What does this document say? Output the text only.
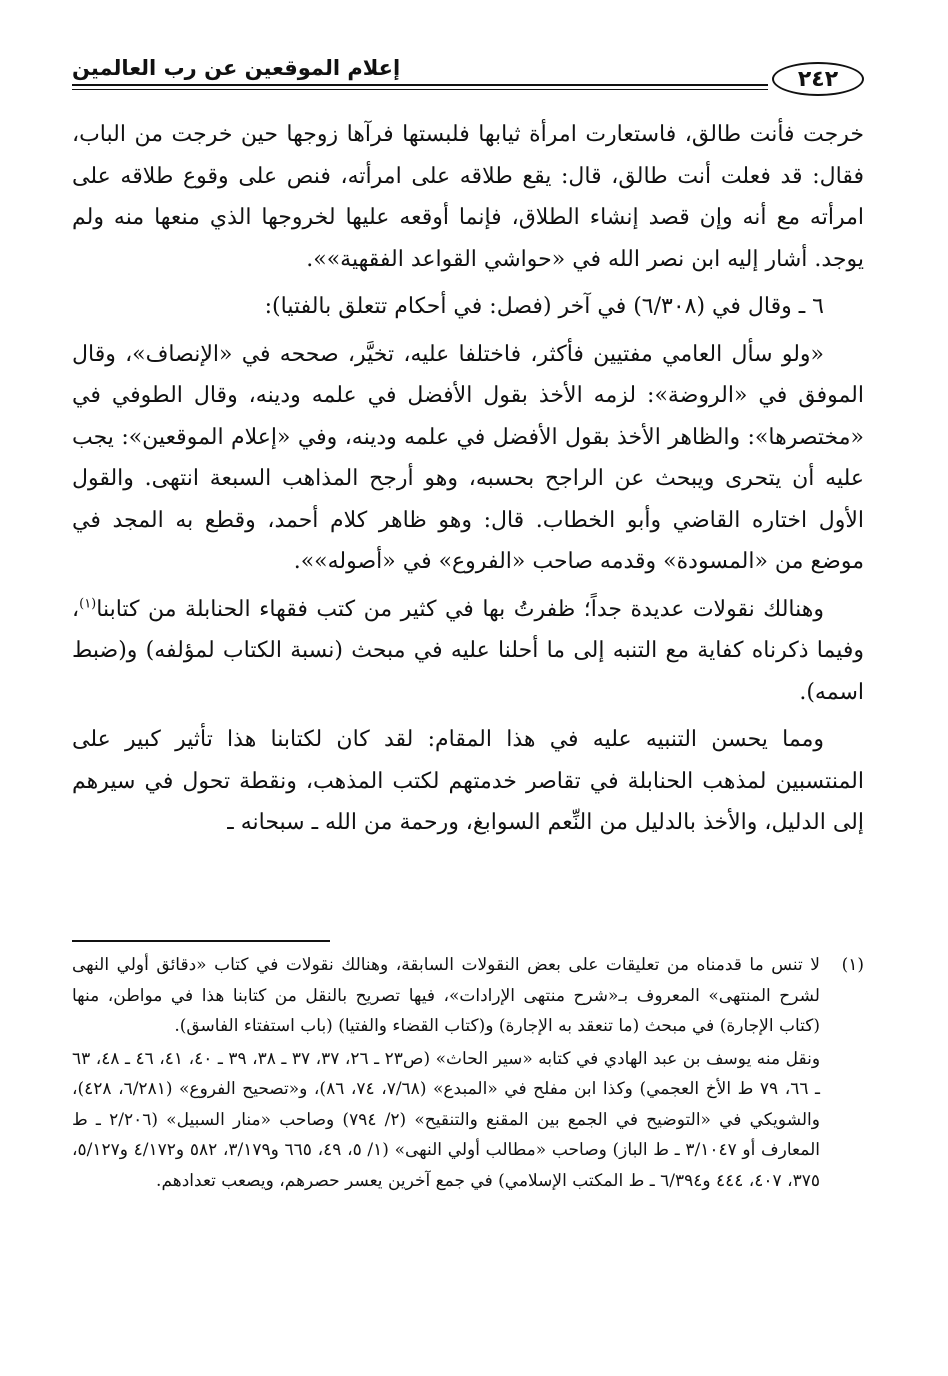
٢٤٢
إعلام الموقعين عن رب العالمين

خرجت فأنت طالق، فاستعارت امرأة ثيابها فلبستها فرآها زوجها حين خرجت من الباب، فقال: قد فعلت أنت طالق، قال: يقع طلاقه على امرأته، فنص على وقوع طلاقه على امرأته مع أنه وإن قصد إنشاء الطلاق، فإنما أوقعه عليها لخروجها الذي منعها منه ولم يوجد. أشار إليه ابن نصر الله في «حواشي القواعد الفقهية»».

٦ ـ وقال في (٦/٣٠٨) في آخر (فصل: في أحكام تتعلق بالفتيا):

«ولو سأل العامي مفتيين فأكثر، فاختلفا عليه، تخيَّر، صححه في «الإنصاف»، وقال الموفق في «الروضة»: لزمه الأخذ بقول الأفضل في علمه ودينه، وقال الطوفي في «مختصرها»: والظاهر الأخذ بقول الأفضل في علمه ودينه، وفي «إعلام الموقعين»: يجب عليه أن يتحرى ويبحث عن الراجح بحسبه، وهو أرجح المذاهب السبعة انتهى. والقول الأول اختاره القاضي وأبو الخطاب. قال: وهو ظاهر كلام أحمد، وقطع به المجد في موضع من «المسودة» وقدمه صاحب «الفروع» في «أصوله»».

وهنالك نقولات عديدة جداً؛ ظفرتُ بها في كثير من كتب فقهاء الحنابلة من كتابنا$^{(١)}$، وفيما ذكرناه كفاية مع التنبه إلى ما أحلنا عليه في مبحث (نسبة الكتاب لمؤلفه) و(ضبط اسمه).

ومما يحسن التنبيه عليه في هذا المقام: لقد كان لكتابنا هذا تأثير كبير على المنتسبين لمذهب الحنابلة في تقاصر خدمتهم لكتب المذهب، ونقطة تحول في سيرهم إلى الدليل، والأخذ بالدليل من النِّعم السوابغ، ورحمة من الله ـ سبحانه ـ

(١)

لا تنس ما قدمناه من تعليقات على بعض النقولات السابقة، وهنالك نقولات في كتاب «دقائق أولي النهى لشرح المنتهى» المعروف بـ«شرح منتهى الإرادات»، فيها تصريح بالنقل من كتابنا هذا في مواطن، منها (كتاب الإجارة) في مبحث (ما تنعقد به الإجارة) و(كتاب القضاء والفتيا) (باب استفتاء الفاسق).

ونقل منه يوسف بن عبد الهادي في كتابه «سير الحاث» (ص٢٣ ـ ٢٦، ٣٧، ٣٧ ـ ٣٨، ٣٩ ـ ٤٠، ٤١، ٤٦ ـ ٤٨، ٦٣ ـ ٦٦، ٧٩ ط الأخ العجمي) وكذا ابن مفلح في «المبدع» (٧/٦٨، ٧٤، ٨٦)، و«تصحيح الفروع» (٦/٢٨١، ٤٢٨)، والشويكي في «التوضيح في الجمع بين المقنع والتنقيح» (٢/ ٧٩٤) وصاحب «منار السبيل» (٢/٢٠٦ ـ ط المعارف أو ٣/١٠٤٧ ـ ط الباز) وصاحب «مطالب أولي النهى» (١/ ٥، ٤٩، ٦٦٥ و٣/١٧٩، ٥٨٢ و٤/١٧٢ و٥/١٢٧، ٣٧٥، ٤٠٧، ٤٤٤ و٦/٣٩٤ ـ ط المكتب الإسلامي) في جمع آخرين يعسر حصرهم، ويصعب تعدادهم.
